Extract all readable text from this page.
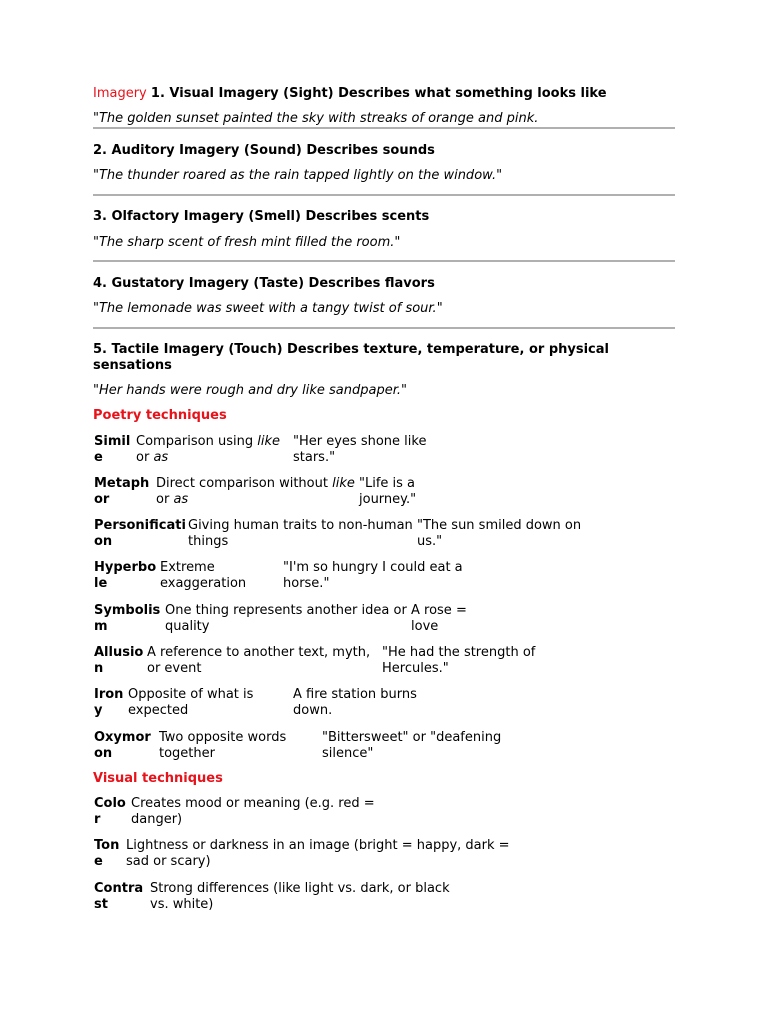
Imagery 1. Visual Imagery (Sight) Describes what something looks like
"The golden sunset painted the sky with streaks of orange and pink.
2. Auditory Imagery (Sound) Describes sounds
"The thunder roared as the rain tapped lightly on the window."
3. Olfactory Imagery (Smell) Describes scents
"The sharp scent of fresh mint filled the room."
4. Gustatory Imagery (Taste) Describes flavors
"The lemonade was sweet with a tangy twist of sour."
5. Tactile Imagery (Touch) Describes texture, temperature, or physical
sensations
"Her hands were rough and dry like sandpaper."
Poetry techniques
Simil
e
Comparison using like
or as
"Her eyes shone like
stars."
Metaph
or
Direct comparison without like
or as
"Life is a
journey."
Personificati
on
Giving human traits to non-human
things
"The sun smiled down on
us."
Hyperbo
le
Extreme
exaggeration
"I'm so hungry I could eat a
horse."
Symbolis
m
One thing represents another idea or
quality
A rose =
love
Allusio
n
A reference to another text, myth,
or event
"He had the strength of
Hercules."
Iron
y
Opposite of what is
expected
A fire station burns
down.
Oxymor
on
Two opposite words
together
"Bittersweet" or "deafening
silence"
Visual techniques
Colo
r
Creates mood or meaning (e.g. red =
danger)
Ton
e
Lightness or darkness in an image (bright = happy, dark =
sad or scary)
Contra
st
Strong differences (like light vs. dark, or black
vs. white)
